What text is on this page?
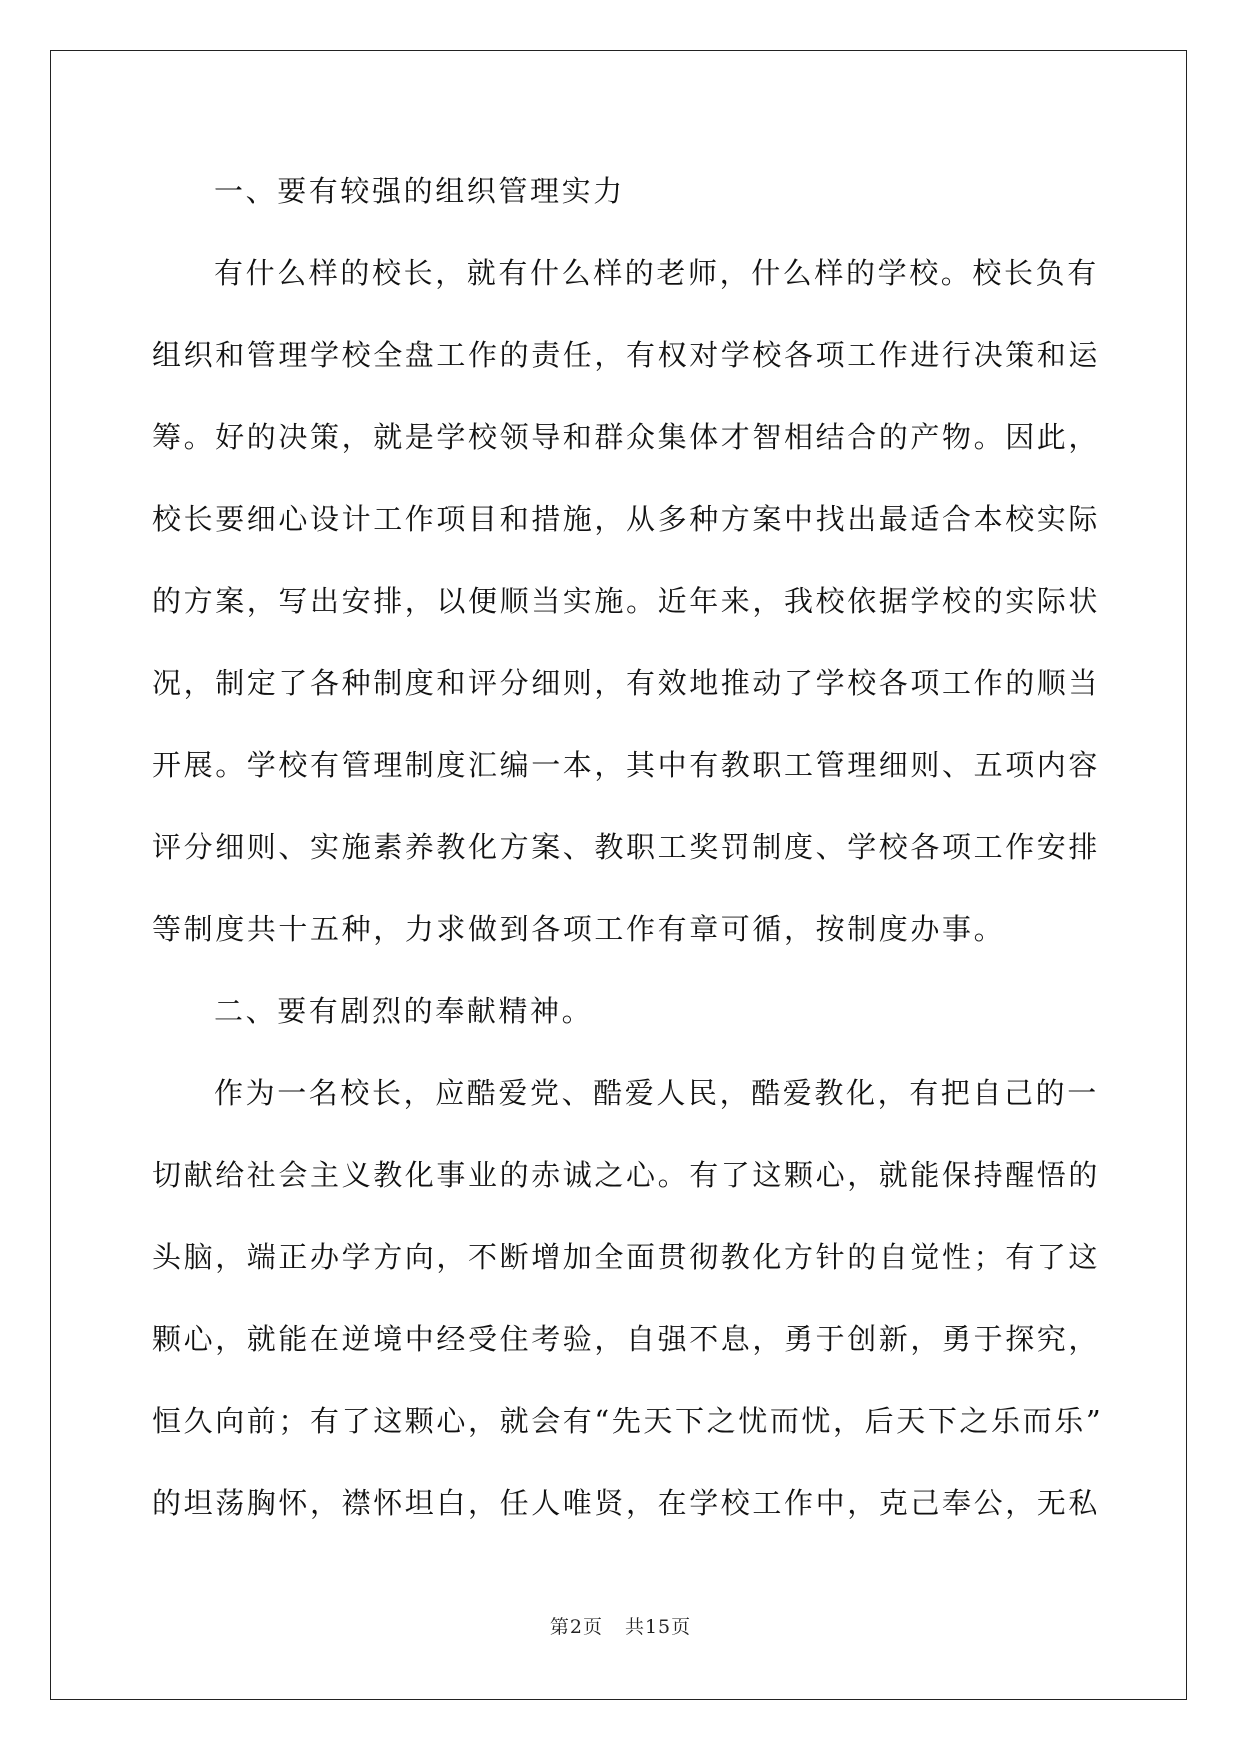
一、要有较强的组织管理实力
有什么样的校长，就有什么样的老师，什么样的学校。校长负有
组织和管理学校全盘工作的责任，有权对学校各项工作进行决策和运
筹。好的决策，就是学校领导和群众集体才智相结合的产物。因此，
校长要细心设计工作项目和措施，从多种方案中找出最适合本校实际
的方案，写出安排，以便顺当实施。近年来，我校依据学校的实际状
况，制定了各种制度和评分细则，有效地推动了学校各项工作的顺当
开展。学校有管理制度汇编一本，其中有教职工管理细则、五项内容
评分细则、实施素养教化方案、教职工奖罚制度、学校各项工作安排
等制度共十五种，力求做到各项工作有章可循，按制度办事。
二、要有剧烈的奉献精神。
作为一名校长，应酷爱党、酷爱人民，酷爱教化，有把自己的一
切献给社会主义教化事业的赤诚之心。有了这颗心，就能保持醒悟的
头脑，端正办学方向，不断增加全面贯彻教化方针的自觉性；有了这
颗心，就能在逆境中经受住考验，自强不息，勇于创新，勇于探究，
恒久向前；有了这颗心，就会有“先天下之忧而忧，后天下之乐而乐”
的坦荡胸怀，襟怀坦白，任人唯贤，在学校工作中，克己奉公，无私
第2页 共15页
